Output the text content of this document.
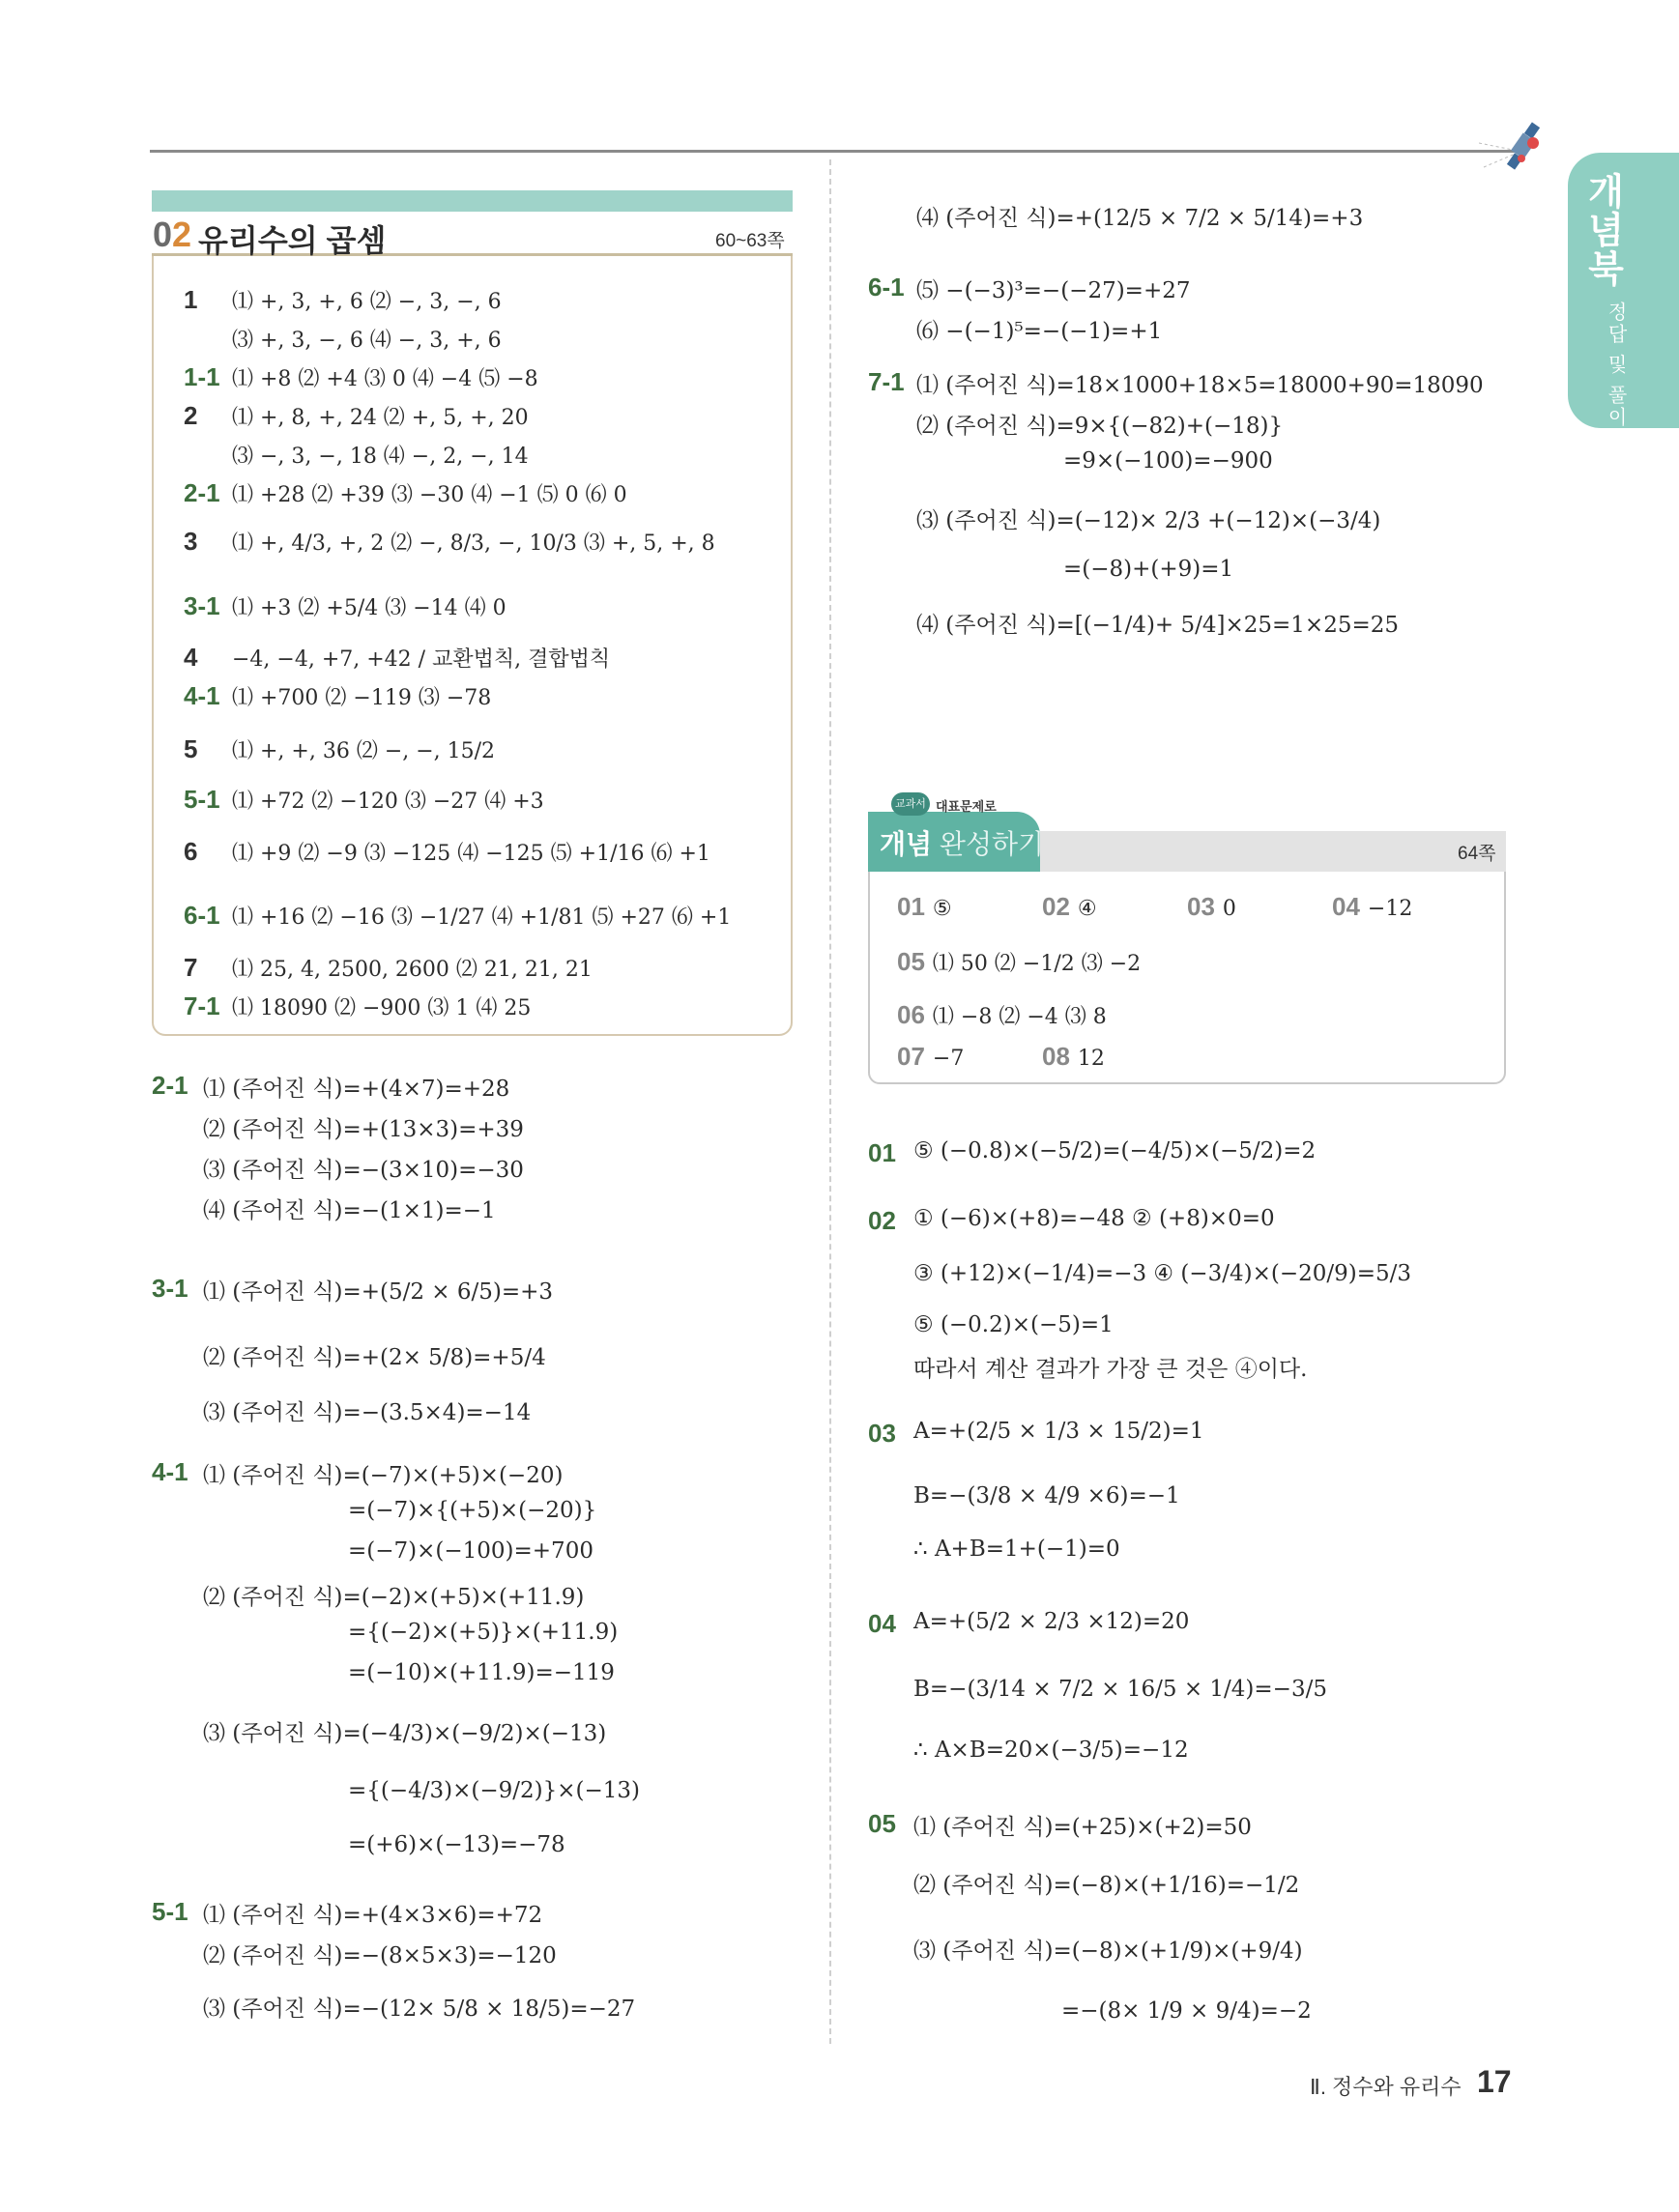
개념북
정답 및 풀이
02 유리수의 곱셈	60~63쪽
1 ⑴ +, 3, +, 6 ⑵ −, 3, −, 6
⑶ +, 3, −, 6 ⑷ −, 3, +, 6
1-1 ⑴ +8 ⑵ +4 ⑶ 0 ⑷ −4 ⑸ −8
2 ⑴ +, 8, +, 24 ⑵ +, 5, +, 20
⑶ −, 3, −, 18 ⑷ −, 2, −, 14
2-1 ⑴ +28 ⑵ +39 ⑶ −30 ⑷ −1 ⑸ 0 ⑹ 0
3 ⑴ +, 4/3, +, 2 ⑵ −, 8/3, −, 10/3 ⑶ +, 5, +, 8
3-1 ⑴ +3 ⑵ +5/4 ⑶ −14 ⑷ 0
4 −4, −4, +7, +42 / 교환법칙, 결합법칙
4-1 ⑴ +700 ⑵ −119 ⑶ −78
5 ⑴ +, +, 36 ⑵ −, −, 15/2
5-1 ⑴ +72 ⑵ −120 ⑶ −27 ⑷ +3
6 ⑴ +9 ⑵ −9 ⑶ −125 ⑷ −125 ⑸ +1/16 ⑹ +1
6-1 ⑴ +16 ⑵ −16 ⑶ −1/27 ⑷ +1/81 ⑸ +27 ⑹ +1
7 ⑴ 25, 4, 2500, 2600 ⑵ 21, 21, 21
7-1 ⑴ 18090 ⑵ −900 ⑶ 1 ⑷ 25
2-1 ⑴ (주어진 식)=+(4×7)=+28
⑵ (주어진 식)=+(13×3)=+39
⑶ (주어진 식)=−(3×10)=−30
⑷ (주어진 식)=−(1×1)=−1
3-1 ⑴ (주어진 식)=+(5/2 × 6/5)=+3
⑵ (주어진 식)=+(2× 5/8)=+5/4
⑶ (주어진 식)=−(3.5×4)=−14
4-1 ⑴ (주어진 식)=(−7)×(+5)×(−20)
=(−7)×{(+5)×(−20)}
=(−7)×(−100)=+700
⑵ (주어진 식)=(−2)×(+5)×(+11.9)
={(−2)×(+5)}×(+11.9)
=(−10)×(+11.9)=−119
⑶ (주어진 식)=(−4/3)×(−9/2)×(−13)
={(−4/3)×(−9/2)}×(−13)
=(+6)×(−13)=−78
5-1 ⑴ (주어진 식)=+(4×3×6)=+72
⑵ (주어진 식)=−(8×5×3)=−120
⑶ (주어진 식)=−(12× 5/8 × 18/5)=−27
⑷ (주어진 식)=+(12/5 × 7/2 × 5/14)=+3
6-1 ⑸ −(−3)³=−(−27)=+27
⑹ −(−1)⁵=−(−1)=+1
7-1 ⑴ (주어진 식)=18×1000+18×5=18000+90=18090
⑵ (주어진 식)=9×{(−82)+(−18)}
=9×(−100)=−900
⑶ (주어진 식)=(−12)× 2/3 +(−12)×(−3/4)
=(−8)+(+9)=1
⑷ (주어진 식)=[(−1/4)+ 5/4]×25=1×25=25
교과서 대표문제로
개념 완성하기	64쪽
01 ⑤	02 ④	03 0	04 −12
05 ⑴ 50 ⑵ −1/2 ⑶ −2
06 ⑴ −8 ⑵ −4 ⑶ 8
07 −7	08 12
01 ⑤ (−0.8)×(−5/2)=(−4/5)×(−5/2)=2
02 ① (−6)×(+8)=−48 ② (+8)×0=0
③ (+12)×(−1/4)=−3 ④ (−3/4)×(−20/9)=5/3
⑤ (−0.2)×(−5)=1
따라서 계산 결과가 가장 큰 것은 ④이다.
03 A=+(2/5 × 1/3 × 15/2)=1
B=−(3/8 × 4/9 ×6)=−1
∴ A+B=1+(−1)=0
04 A=+(5/2 × 2/3 ×12)=20
B=−(3/14 × 7/2 × 16/5 × 1/4)=−3/5
∴ A×B=20×(−3/5)=−12
05 ⑴ (주어진 식)=(+25)×(+2)=50
⑵ (주어진 식)=(−8)×(+1/16)=−1/2
⑶ (주어진 식)=(−8)×(+1/9)×(+9/4)
=−(8× 1/9 × 9/4)=−2
Ⅱ. 정수와 유리수 17
